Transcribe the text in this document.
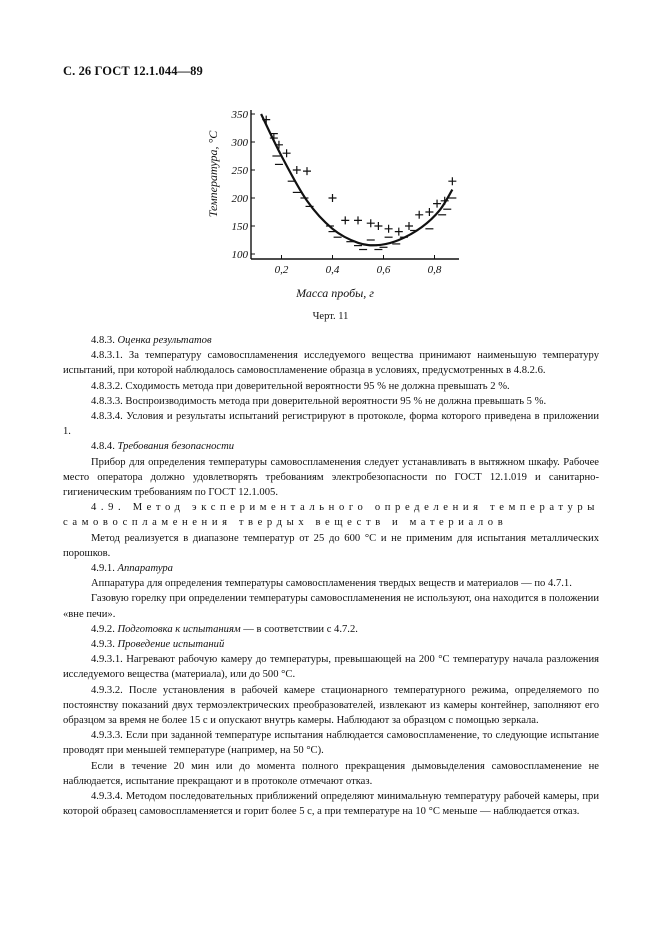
С. 26 ГОСТ 12.1.044—89
100
150
200
250
300
350
0,2	0,4	0,6	0,8
Температура, °С
Масса пробы, г
Черт. 11

4.8.3. Оценка результатов

4.8.3.1. За температуру самовоспламенения исследуемого вещества принимают наименьшую температуру испытаний, при которой наблюдалось самовоспламенение образца в условиях, предусмотренных в 4.8.2.6.

4.8.3.2. Сходимость метода при доверительной вероятности 95 % не должна превышать 2 %.

4.8.3.3. Воспроизводимость метода при доверительной вероятности 95 % не должна превышать 5 %.

4.8.3.4. Условия и результаты испытаний регистрируют в протоколе, форма которого приведена в приложении 1.

4.8.4. Требования безопасности

Прибор для определения температуры самовоспламенения следует устанавливать в вытяжном шкафу. Рабочее место оператора должно удовлетворять требованиям электробезопасности по ГОСТ 12.1.019 и санитарно-гигиеническим требованиям по ГОСТ 12.1.005.

4.9. Метод экспериментального определения температуры самовоспламенения твердых веществ и материалов

Метод реализуется в диапазоне температур от 25 до 600 °С и не применим для испытания металлических порошков.

4.9.1. Аппаратура

Аппаратура для определения температуры самовоспламенения твердых веществ и материалов — по 4.7.1.

Газовую горелку при определении температуры самовоспламенения не используют, она находится в положении «вне печи».

4.9.2. Подготовка к испытаниям — в соответствии с 4.7.2.

4.9.3. Проведение испытаний

4.9.3.1. Нагревают рабочую камеру до температуры, превышающей на 200 °С температуру начала разложения исследуемого вещества (материала), или до 500 °С.

4.9.3.2. После установления в рабочей камере стационарного температурного режима, определяемого по постоянству показаний двух термоэлектрических преобразователей, извлекают из камеры контейнер, заполняют его образцом за время не более 15 с и опускают внутрь камеры. Наблюдают за образцом с помощью зеркала.

4.9.3.3. Если при заданной температуре испытания наблюдается самовоспламенение, то следующие испытание проводят при меньшей температуре (например, на 50 °С).

Если в течение 20 мин или до момента полного прекращения дымовыделения самовоспламенение не наблюдается, испытание прекращают и в протоколе отмечают отказ.

4.9.3.4. Методом последовательных приближений определяют минимальную температуру рабочей камеры, при которой образец самовоспламеняется и горит более 5 с, а при температуре на 10 °С меньше — наблюдается отказ.
